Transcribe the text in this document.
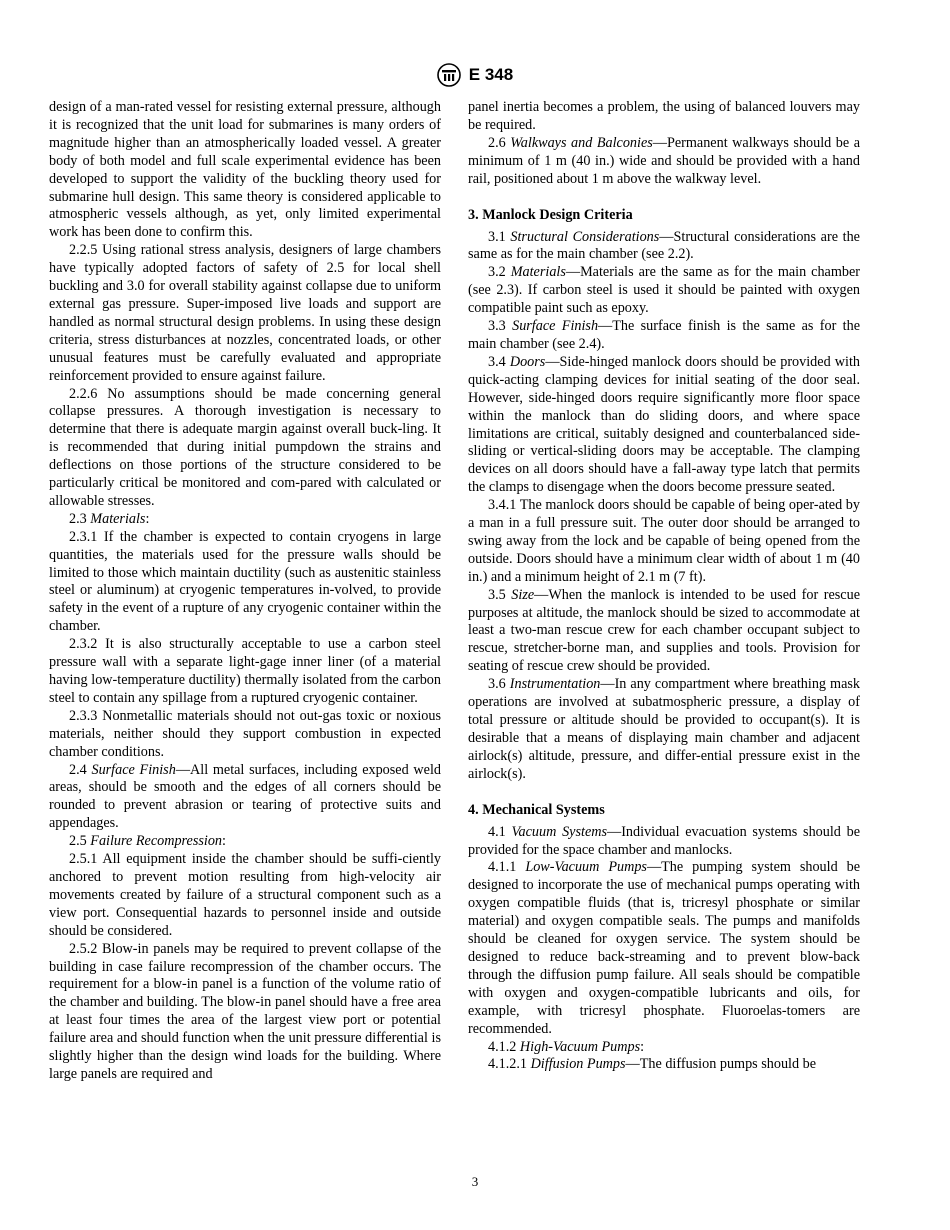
E 348

design of a man-rated vessel for resisting external pressure, although it is recognized that the unit load for submarines is many orders of magnitude higher than an atmospherically loaded vessel. A greater body of both model and full scale experimental evidence has been developed to support the validity of the buckling theory used for submarine hull design. This same theory is considered applicable to atmospheric vessels although, as yet, only limited experimental work has been done to confirm this.

2.2.5 Using rational stress analysis, designers of large chambers have typically adopted factors of safety of 2.5 for local shell buckling and 3.0 for overall stability against collapse due to uniform external gas pressure. Super-imposed live loads and support are handled as normal structural design problems. In using these design criteria, stress disturbances at nozzles, concentrated loads, or other unusual features must be carefully evaluated and appropriate reinforcement provided to ensure against failure.

2.2.6 No assumptions should be made concerning general collapse pressures. A thorough investigation is necessary to determine that there is adequate margin against overall buck-ling. It is recommended that during initial pumpdown the strains and deflections on those portions of the structure considered to be particularly critical be monitored and com-pared with calculated or allowable stresses.

2.3 Materials:

2.3.1 If the chamber is expected to contain cryogens in large quantities, the materials used for the pressure walls should be limited to those which maintain ductility (such as austenitic stainless steel or aluminum) at cryogenic temperatures in-volved, to provide safety in the event of a rupture of any cryogenic container within the chamber.

2.3.2 It is also structurally acceptable to use a carbon steel pressure wall with a separate light-gage inner liner (of a material having low-temperature ductility) thermally isolated from the carbon steel to contain any spillage from a ruptured cryogenic container.

2.3.3 Nonmetallic materials should not out-gas toxic or noxious materials, neither should they support combustion in expected chamber conditions.

2.4 Surface Finish—All metal surfaces, including exposed weld areas, should be smooth and the edges of all corners should be rounded to prevent abrasion or tearing of protective suits and appendages.

2.5 Failure Recompression:

2.5.1 All equipment inside the chamber should be suffi-ciently anchored to prevent motion resulting from high-velocity air movements created by failure of a structural component such as a view port. Consequential hazards to personnel inside and outside should be considered.

2.5.2 Blow-in panels may be required to prevent collapse of the building in case failure recompression of the chamber occurs. The requirement for a blow-in panel is a function of the volume ratio of the chamber and building. The blow-in panel should have a free area at least four times the area of the largest view port or potential failure area and should function when the unit pressure differential is slightly higher than the design wind loads for the building. Where large panels are required and

panel inertia becomes a problem, the using of balanced louvers may be required.

2.6 Walkways and Balconies—Permanent walkways should be a minimum of 1 m (40 in.) wide and should be provided with a hand rail, positioned about 1 m above the walkway level.

3. Manlock Design Criteria

3.1 Structural Considerations—Structural considerations are the same as for the main chamber (see 2.2).

3.2 Materials—Materials are the same as for the main chamber (see 2.3). If carbon steel is used it should be painted with oxygen compatible paint such as epoxy.

3.3 Surface Finish—The surface finish is the same as for the main chamber (see 2.4).

3.4 Doors—Side-hinged manlock doors should be provided with quick-acting clamping devices for initial seating of the door seal. However, side-hinged doors require significantly more floor space within the manlock than do sliding doors, and where space limitations are critical, suitably designed and counterbalanced side-sliding or vertical-sliding doors may be acceptable. The clamping devices on all doors should have a fall-away type latch that permits the clamps to disengage when the doors become pressure seated.

3.4.1 The manlock doors should be capable of being oper-ated by a man in a full pressure suit. The outer door should be arranged to swing away from the lock and be capable of being opened from the outside. Doors should have a minimum clear width of about 1 m (40 in.) and a minimum height of 2.1 m (7 ft).

3.5 Size—When the manlock is intended to be used for rescue purposes at altitude, the manlock should be sized to accommodate at least a two-man rescue crew for each chamber occupant subject to rescue, stretcher-borne man, and supplies and tools. Provision for seating of rescue crew should be provided.

3.6 Instrumentation—In any compartment where breathing mask operations are involved at subatmospheric pressure, a display of total pressure or altitude should be provided to occupant(s). It is desirable that a means of displaying main chamber and adjacent airlock(s) altitude, pressure, and differ-ential pressure exist in the airlock(s).

4. Mechanical Systems

4.1 Vacuum Systems—Individual evacuation systems should be provided for the space chamber and manlocks.

4.1.1 Low-Vacuum Pumps—The pumping system should be designed to incorporate the use of mechanical pumps operating with oxygen compatible fluids (that is, tricresyl phosphate or similar material) and oxygen compatible seals. The pumps and manifolds should be cleaned for oxygen service. The system should be designed to reduce back-streaming and to prevent blow-back through the diffusion pump failure. All seals should be compatible with oxygen and oxygen-compatible lubricants and oils, for example, with tricresyl phosphate. Fluoroelas-tomers are recommended.

4.1.2 High-Vacuum Pumps:

4.1.2.1 Diffusion Pumps—The diffusion pumps should be

3
